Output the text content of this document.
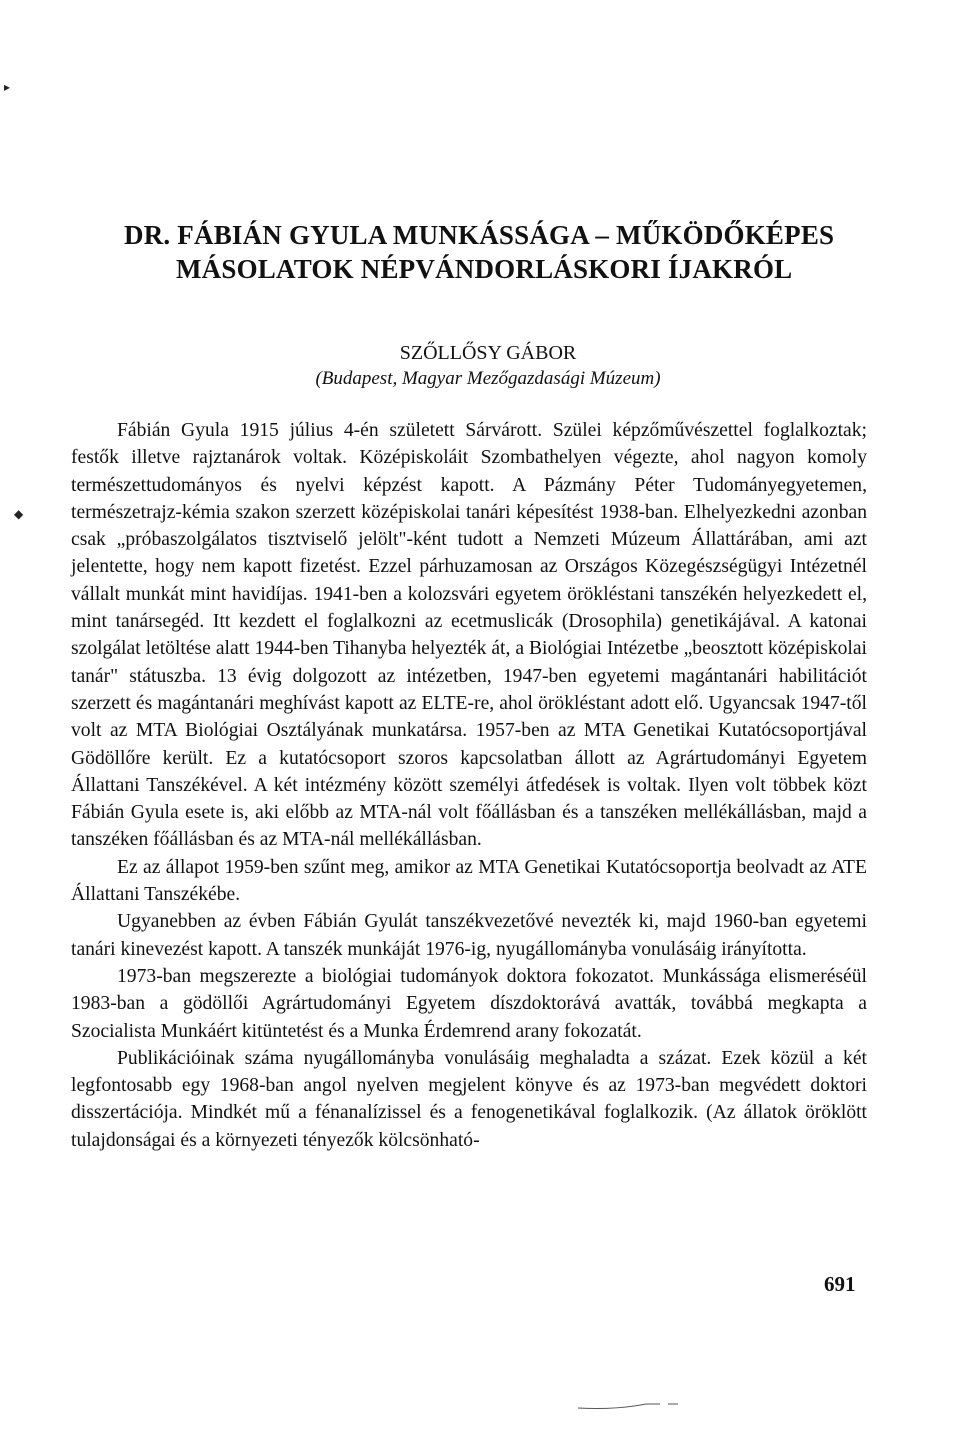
DR. FÁBIÁN GYULA MUNKÁSSÁGA – MŰKÖDŐKÉPES
MÁSOLATOK NÉPVÁNDORLÁSKORI ÍJAKRÓL
SZŐLLŐSY GÁBOR
(Budapest, Magyar Mezőgazdasági Múzeum)

Fábián Gyula 1915 július 4-én született Sárvárott. Szülei képzőművészettel foglalkoztak; festők illetve rajztanárok voltak. Középiskoláit Szombathelyen végezte, ahol nagyon komoly természettudományos és nyelvi képzést kapott. A Pázmány Péter Tudományegyetemen, természetrajz-kémia szakon szerzett középiskolai tanári képesítést 1938-ban. Elhelyezkedni azonban csak „próbaszolgálatos tisztviselő jelölt"-ként tudott a Nemzeti Múzeum Állattárában, ami azt jelentette, hogy nem kapott fizetést. Ezzel párhuzamosan az Országos Közegészségügyi Intézetnél vállalt munkát mint havidíjas. 1941-ben a kolozsvári egyetem örökléstani tanszékén helyezkedett el, mint tanársegéd. Itt kezdett el foglalkozni az ecetmuslicák (Drosophila) genetikájával. A katonai szolgálat letöltése alatt 1944-ben Tihanyba helyezték át, a Biológiai Intézetbe „beosztott középiskolai tanár" státuszba. 13 évig dolgozott az intézetben, 1947-ben egyetemi magántanári habilitációt szerzett és magántanári meghívást kapott az ELTE-re, ahol örökléstant adott elő. Ugyancsak 1947-től volt az MTA Biológiai Osztályának munkatársa. 1957-ben az MTA Genetikai Kutatócsoportjával Gödöllőre került. Ez a kutatócsoport szoros kapcsolatban állott az Agrártudományi Egyetem Állattani Tanszékével. A két intézmény között személyi átfedések is voltak. Ilyen volt többek közt Fábián Gyula esete is, aki előbb az MTA-nál volt főállásban és a tanszéken mellékállásban, majd a tanszéken főállásban és az MTA-nál mellékállásban.

Ez az állapot 1959-ben szűnt meg, amikor az MTA Genetikai Kutatócsoportja beolvadt az ATE Állattani Tanszékébe.

Ugyanebben az évben Fábián Gyulát tanszékvezetővé nevezték ki, majd 1960-ban egyetemi tanári kinevezést kapott. A tanszék munkáját 1976-ig, nyugállományba vonulásáig irányította.

1973-ban megszerezte a biológiai tudományok doktora fokozatot. Munkássága elismeréséül 1983-ban a gödöllői Agrártudományi Egyetem díszdoktorává avatták, továbbá megkapta a Szocialista Munkáért kitüntetést és a Munka Érdemrend arany fokozatát.

Publikációinak száma nyugállományba vonulásáig meghaladta a százat. Ezek közül a két legfontosabb egy 1968-ban angol nyelven megjelent könyve és az 1973-ban megvédett doktori disszertációja. Mindkét mű a fénanalízissel és a fenogenetikával foglalkozik. (Az állatok öröklött tulajdonságai és a környezeti tényezők kölcsönható-

691
▸
◆
